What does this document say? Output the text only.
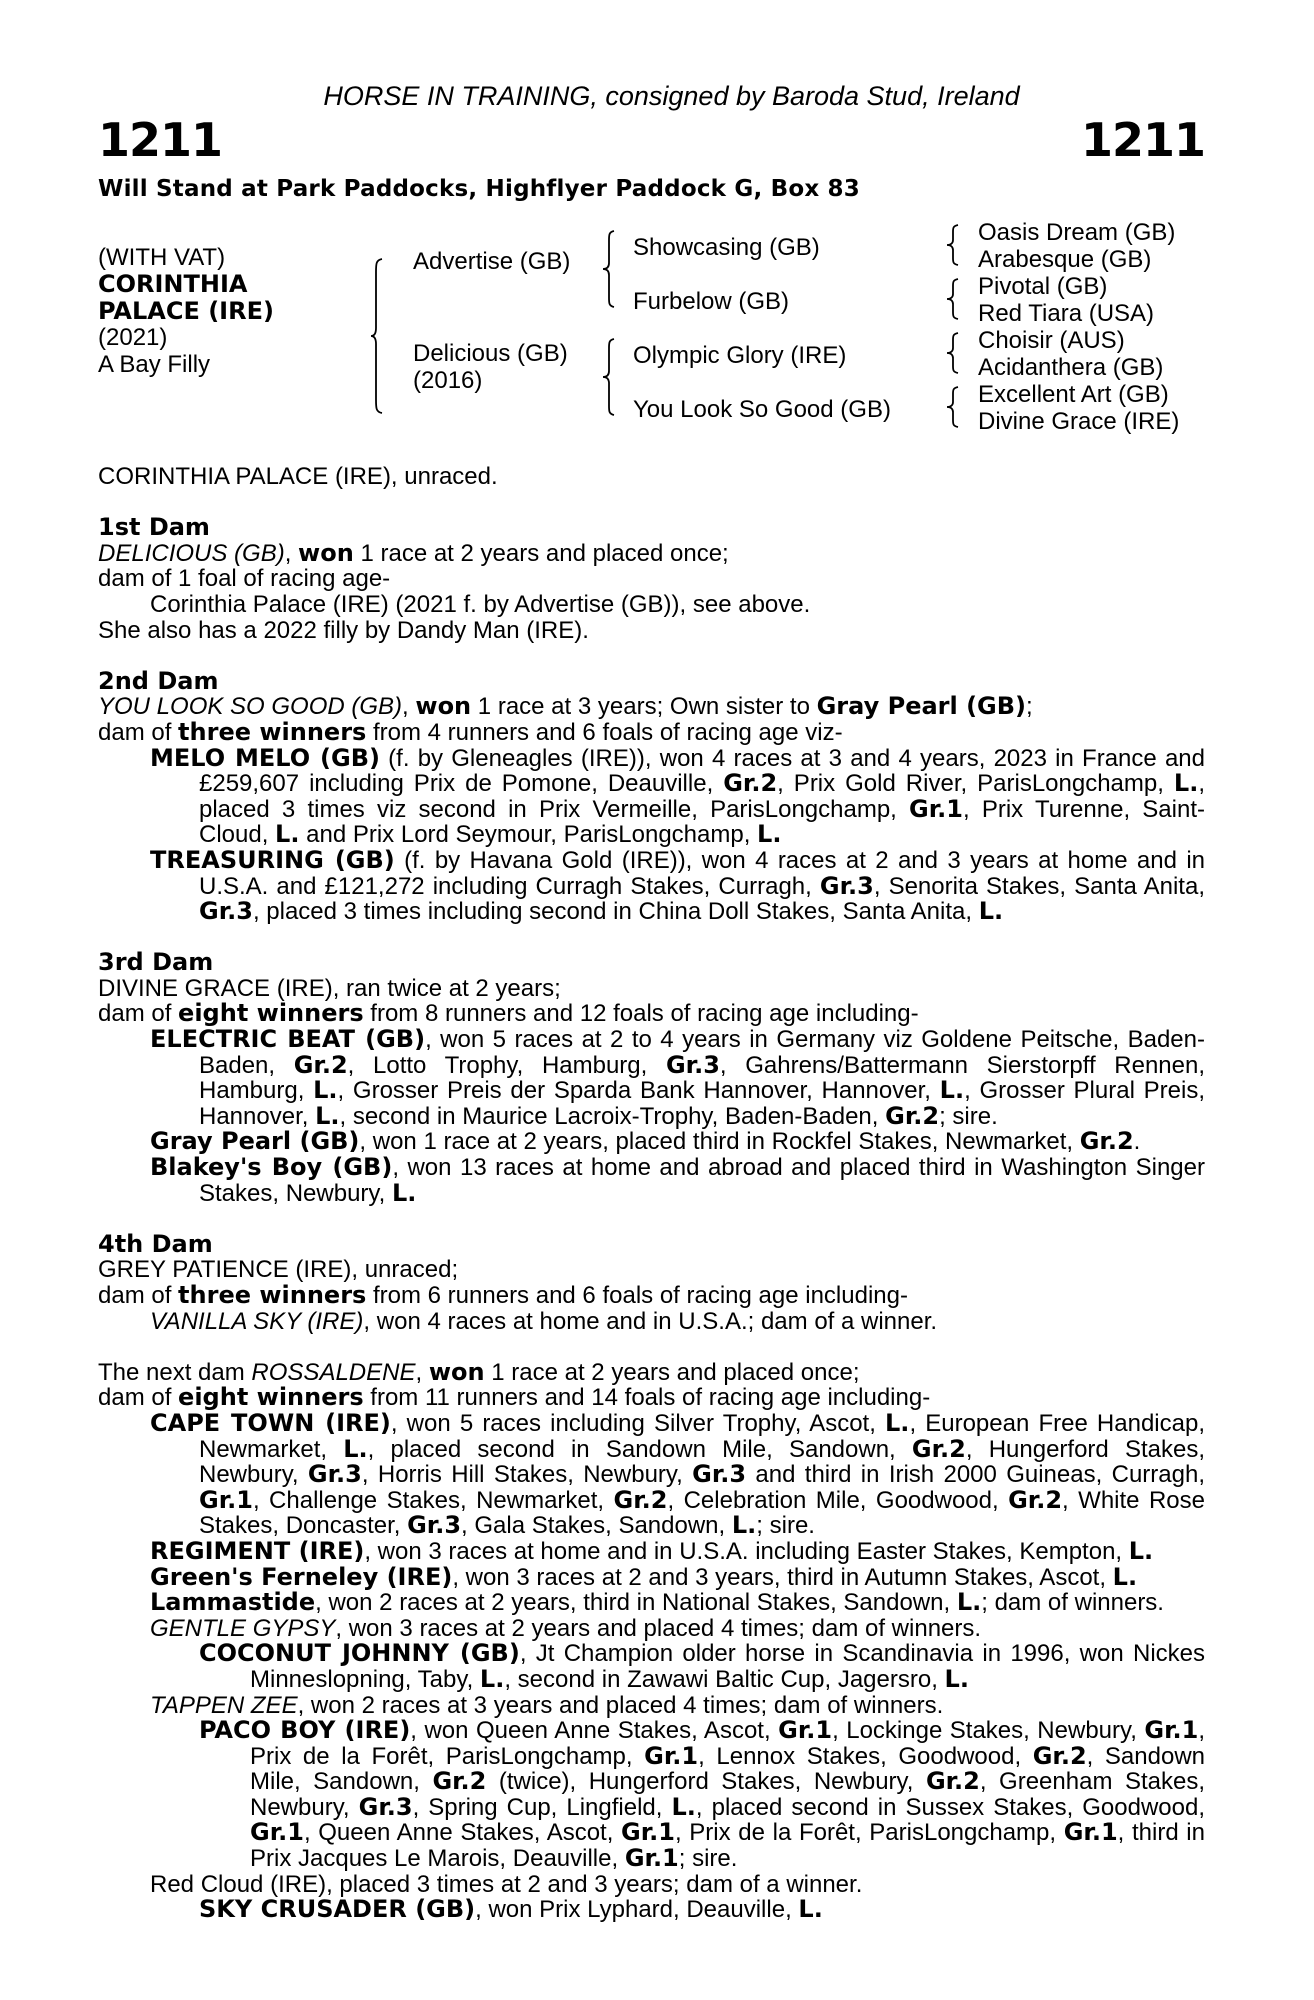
HORSE IN TRAINING, consigned by Baroda Stud, Ireland
1211	1211
Will Stand at Park Paddocks, Highflyer Paddock G, Box 83
(WITH VAT)
CORINTHIA
PALACE (IRE)
(2021)
A Bay Filly
Advertise (GB)
Delicious (GB)
(2016)
Showcasing (GB)
Furbelow (GB)
Olympic Glory (IRE)
You Look So Good (GB)
Oasis Dream (GB)
Arabesque (GB)
Pivotal (GB)
Red Tiara (USA)
Choisir (AUS)
Acidanthera (GB)
Excellent Art (GB)
Divine Grace (IRE)

CORINTHIA PALACE (IRE), unraced.

1st Dam

DELICIOUS (GB), won 1 race at 2 years and placed once;

dam of 1 foal of racing age-

Corinthia Palace (IRE) (2021 f. by Advertise (GB)), see above.

She also has a 2022 filly by Dandy Man (IRE).

2nd Dam

YOU LOOK SO GOOD (GB), won 1 race at 3 years; Own sister to Gray Pearl (GB);

dam of three winners from 4 runners and 6 foals of racing age viz-

MELO MELO (GB) (f. by Gleneagles (IRE)), won 4 races at 3 and 4 years, 2023 in France and £259,607 including Prix de Pomone, Deauville, Gr.2, Prix Gold River, ParisLongchamp, L., placed 3 times viz second in Prix Vermeille, ParisLongchamp, Gr.1, Prix Turenne, Saint-Cloud, L. and Prix Lord Seymour, ParisLongchamp, L.

TREASURING (GB) (f. by Havana Gold (IRE)), won 4 races at 2 and 3 years at home and in U.S.A. and £121,272 including Curragh Stakes, Curragh, Gr.3, Senorita Stakes, Santa Anita, Gr.3, placed 3 times including second in China Doll Stakes, Santa Anita, L.

3rd Dam

DIVINE GRACE (IRE), ran twice at 2 years;

dam of eight winners from 8 runners and 12 foals of racing age including-

ELECTRIC BEAT (GB), won 5 races at 2 to 4 years in Germany viz Goldene Peitsche, Baden-Baden, Gr.2, Lotto Trophy, Hamburg, Gr.3, Gahrens/Battermann Sierstorpff Rennen, Hamburg, L., Grosser Preis der Sparda Bank Hannover, Hannover, L., Grosser Plural Preis, Hannover, L., second in Maurice Lacroix-Trophy, Baden-Baden, Gr.2; sire.

Gray Pearl (GB), won 1 race at 2 years, placed third in Rockfel Stakes, Newmarket, Gr.2.

Blakey's Boy (GB), won 13 races at home and abroad and placed third in Washington Singer Stakes, Newbury, L.

4th Dam

GREY PATIENCE (IRE), unraced;

dam of three winners from 6 runners and 6 foals of racing age including-

VANILLA SKY (IRE), won 4 races at home and in U.S.A.; dam of a winner.

The next dam ROSSALDENE, won 1 race at 2 years and placed once;

dam of eight winners from 11 runners and 14 foals of racing age including-

CAPE TOWN (IRE), won 5 races including Silver Trophy, Ascot, L., European Free Handicap, Newmarket, L., placed second in Sandown Mile, Sandown, Gr.2, Hungerford Stakes, Newbury, Gr.3, Horris Hill Stakes, Newbury, Gr.3 and third in Irish 2000 Guineas, Curragh, Gr.1, Challenge Stakes, Newmarket, Gr.2, Celebration Mile, Goodwood, Gr.2, White Rose Stakes, Doncaster, Gr.3, Gala Stakes, Sandown, L.; sire.

REGIMENT (IRE), won 3 races at home and in U.S.A. including Easter Stakes, Kempton, L.

Green's Ferneley (IRE), won 3 races at 2 and 3 years, third in Autumn Stakes, Ascot, L.

Lammastide, won 2 races at 2 years, third in National Stakes, Sandown, L.; dam of winners.

GENTLE GYPSY, won 3 races at 2 years and placed 4 times; dam of winners.

COCONUT JOHNNY (GB), Jt Champion older horse in Scandinavia in 1996, won Nickes Minneslopning, Taby, L., second in Zawawi Baltic Cup, Jagersro, L.

TAPPEN ZEE, won 2 races at 3 years and placed 4 times; dam of winners.

PACO BOY (IRE), won Queen Anne Stakes, Ascot, Gr.1, Lockinge Stakes, Newbury, Gr.1, Prix de la Forêt, ParisLongchamp, Gr.1, Lennox Stakes, Goodwood, Gr.2, Sandown Mile, Sandown, Gr.2 (twice), Hungerford Stakes, Newbury, Gr.2, Greenham Stakes, Newbury, Gr.3, Spring Cup, Lingfield, L., placed second in Sussex Stakes, Goodwood, Gr.1, Queen Anne Stakes, Ascot, Gr.1, Prix de la Forêt, ParisLongchamp, Gr.1, third in Prix Jacques Le Marois, Deauville, Gr.1; sire.

Red Cloud (IRE), placed 3 times at 2 and 3 years; dam of a winner.

SKY CRUSADER (GB), won Prix Lyphard, Deauville, L.
